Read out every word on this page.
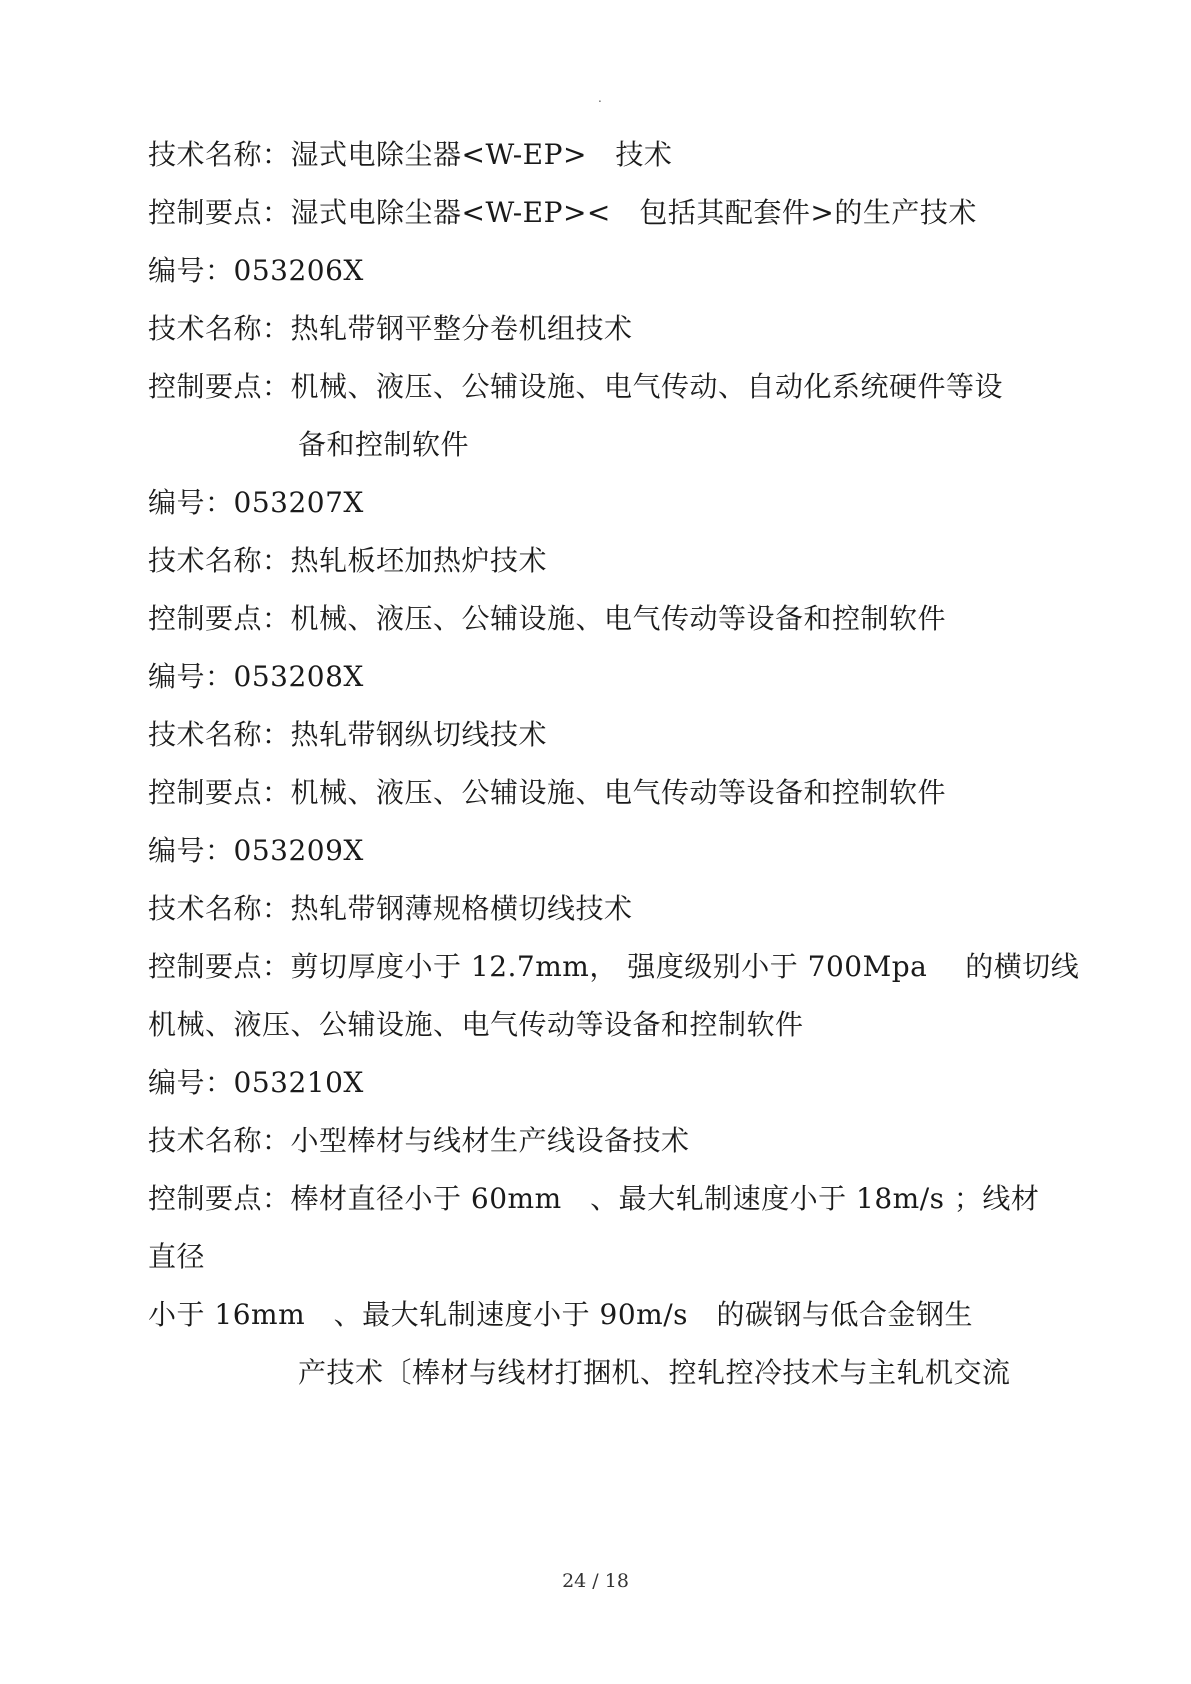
.
技术名称：湿式电除尘器<W-EP>　技术
控制要点：湿式电除尘器<W-EP><　包括其配套件>的生产技术
编号：053206X
技术名称：热轧带钢平整分卷机组技术
控制要点：机械、液压、公辅设施、电气传动、自动化系统硬件等设
备和控制软件
编号：053207X
技术名称：热轧板坯加热炉技术
控制要点：机械、液压、公辅设施、电气传动等设备和控制软件
编号：053208X
技术名称：热轧带钢纵切线技术
控制要点：机械、液压、公辅设施、电气传动等设备和控制软件
编号：053209X
技术名称：热轧带钢薄规格横切线技术
控制要点：剪切厚度小于 12.7mm， 强度级别小于 700Mpa　 的横切线
机械、液压、公辅设施、电气传动等设备和控制软件
编号：053210X
技术名称：小型棒材与线材生产线设备技术
控制要点：棒材直径小于 60mm　、最大轧制速度小于 18m/s ；线材
直径
小于 16mm　、最大轧制速度小于 90m/s　的碳钢与低合金钢生
产技术〔棒材与线材打捆机、控轧控冷技术与主轧机交流
24 / 18
